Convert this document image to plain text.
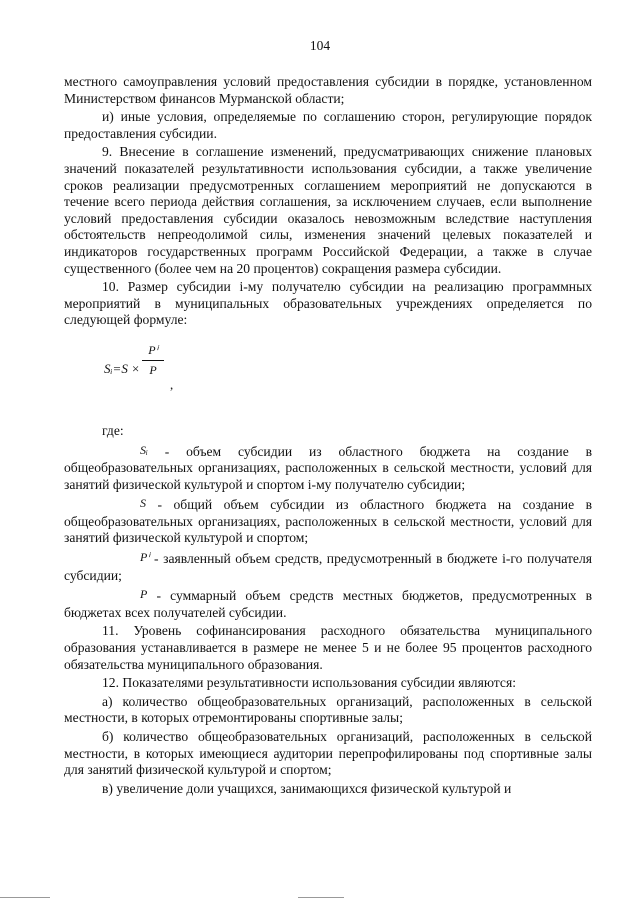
104

местного самоуправления условий предоставления субсидии в порядке, установленном Министерством финансов Мурманской области;

и) иные условия, определяемые по соглашению сторон, регулирующие порядок предоставления субсидии.

9. Внесение в соглашение изменений, предусматривающих снижение плановых значений показателей результативности использования субсидии, а также увеличение сроков реализации предусмотренных соглашением мероприятий не допускаются в течение всего периода действия соглашения, за исключением случаев, если выполнение условий предоставления субсидии оказалось невозможным вследствие наступления обстоятельств непреодолимой силы, изменения значений целевых показателей и индикаторов государственных программ Российской Федерации, а также в случае существенного (более чем на 20 процентов) сокращения размера субсидии.

10. Размер субсидии i-му получателю субсидии на реализацию программных мероприятий в муниципальных образовательных учреждениях определяется по следующей формуле:

Sᵢ=S × $\frac{\text{Pⁱ}}{P}$
,

где:

Sᵢ - объем субсидии из областного бюджета на создание в общеобразовательных организациях, расположенных в сельской местности, условий для занятий физической культурой и спортом i-му получателю субсидии;

S - общий объем субсидии из областного бюджета на создание в общеобразовательных организациях, расположенных в сельской местности, условий для занятий физической культурой и спортом;

Pⁱ - заявленный объем средств, предусмотренный в бюджете i-го получателя субсидии;

P - суммарный объем средств местных бюджетов, предусмотренных в бюджетах всех получателей субсидии.

11. Уровень софинансирования расходного обязательства муниципального образования устанавливается в размере не менее 5 и не более 95 процентов расходного обязательства муниципального образования.

12. Показателями результативности использования субсидии являются:

а) количество общеобразовательных организаций, расположенных в сельской местности, в которых отремонтированы спортивные залы;

б) количество общеобразовательных организаций, расположенных в сельской местности, в которых имеющиеся аудитории перепрофилированы под спортивные залы для занятий физической культурой и спортом;

в) увеличение доли учащихся, занимающихся физической культурой и
